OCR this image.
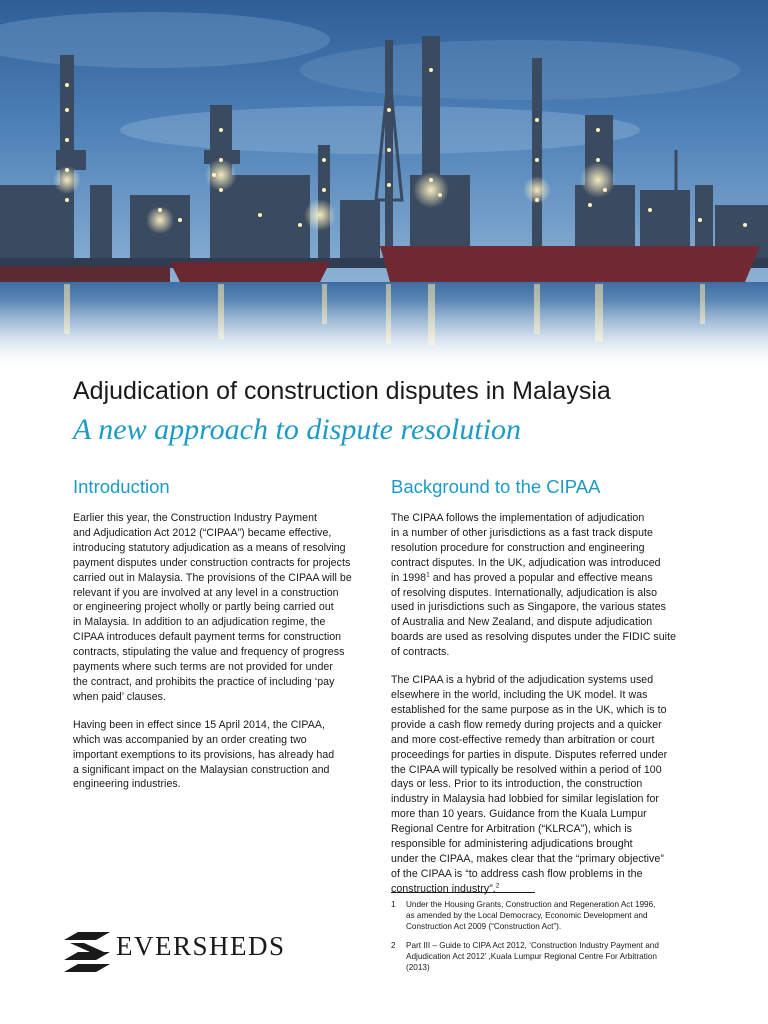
Adjudication of construction disputes in Malaysia
A new approach to dispute resolution
Introduction

Earlier this year, the Construction Industry Payment
and Adjudication Act 2012 (“CIPAA”) became effective,
introducing statutory adjudication as a means of resolving
payment disputes under construction contracts for projects
carried out in Malaysia. The provisions of the CIPAA will be
relevant if you are involved at any level in a construction
or engineering project wholly or partly being carried out
in Malaysia. In addition to an adjudication regime, the
CIPAA introduces default payment terms for construction
contracts, stipulating the value and frequency of progress
payments where such terms are not provided for under
the contract, and prohibits the practice of including ‘pay
when paid’ clauses.

Having been in effect since 15 April 2014, the CIPAA,
which was accompanied by an order creating two
important exemptions to its provisions, has already had
a significant impact on the Malaysian construction and
engineering industries.

Background to the CIPAA

The CIPAA follows the implementation of adjudication
in a number of other jurisdictions as a fast track dispute
resolution procedure for construction and engineering
contract disputes. In the UK, adjudication was introduced
in 1998$^1$ and has proved a popular and effective means
of resolving disputes. Internationally, adjudication is also
used in jurisdictions such as Singapore, the various states
of Australia and New Zealand, and dispute adjudication
boards are used as resolving disputes under the FIDIC suite
of contracts.

The CIPAA is a hybrid of the adjudication systems used
elsewhere in the world, including the UK model. It was
established for the same purpose as in the UK, which is to
provide a cash flow remedy during projects and a quicker
and more cost-effective remedy than arbitration or court
proceedings for parties in dispute. Disputes referred under
the CIPAA will typically be resolved within a period of 100
days or less. Prior to its introduction, the construction
industry in Malaysia had lobbied for similar legislation for
more than 10 years. Guidance from the Kuala Lumpur
Regional Centre for Arbitration (“KLRCA”), which is
responsible for administering adjudications brought
under the CIPAA, makes clear that the “primary objective”
of the CIPAA is “to address cash flow problems in the
construction industry”.$^2$

1	Under the Housing Grants, Construction and Regeneration Act 1996,
as amended by the Local Democracy, Economic Development and
Construction Act 2009 (“Construction Act”).
2	Part III – Guide to CIPA Act 2012, ‘Construction Industry Payment and
Adjudication Act 2012’ ,Kuala Lumpur Regional Centre For Arbitration
(2013)
EVERSHEDS
